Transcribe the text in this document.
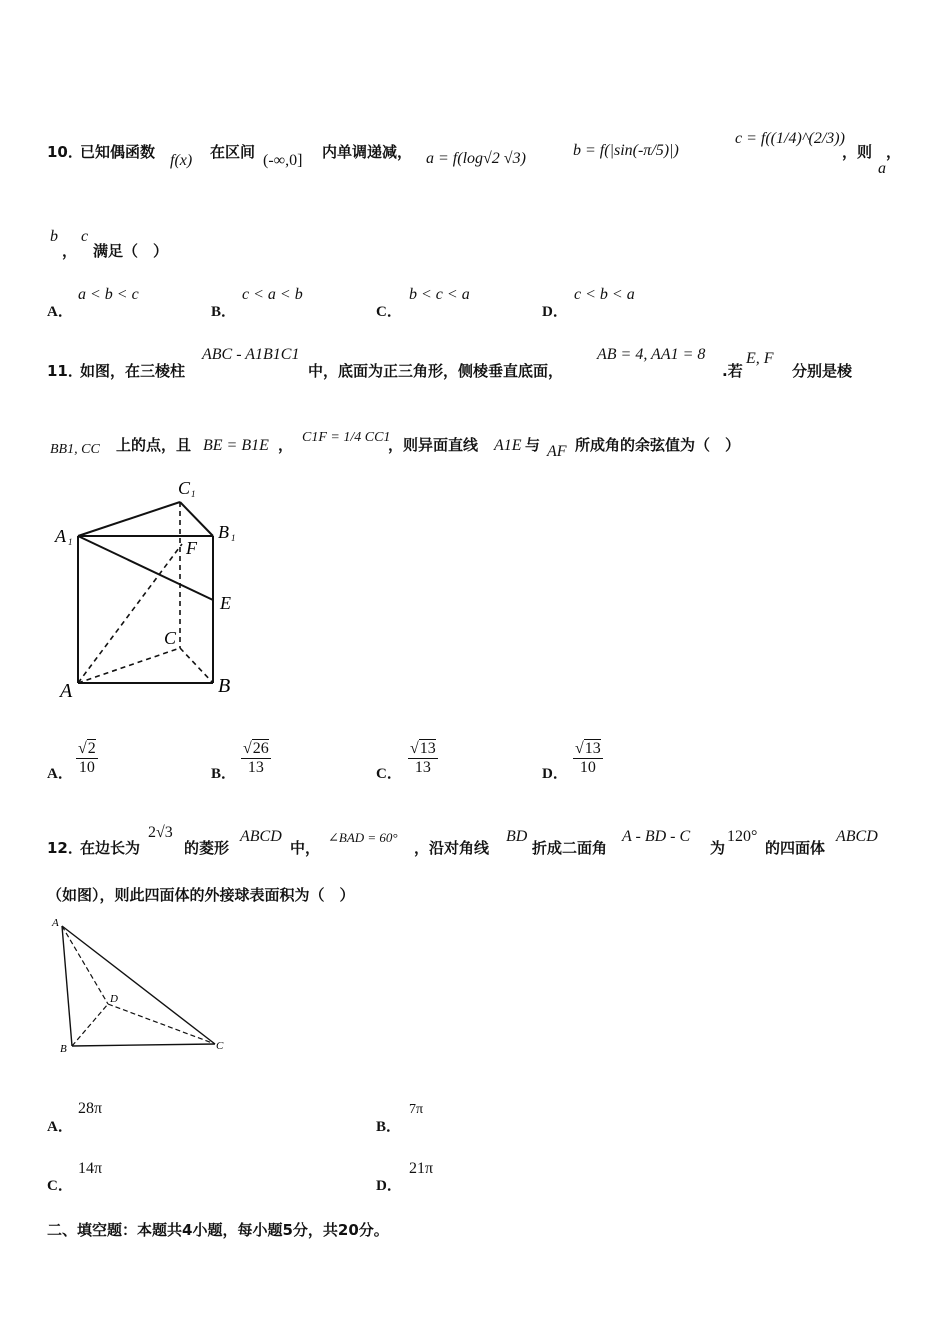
10．
已知偶函数 f(x) 在区间 (-∞,0] 内单调递减， a = f(log√2 √3)	b = f(|sin(-π/5)|)
c = f((1/4)^(2/3))
，则
a
，
b
，
c
满足（　）
A．
a < b < c
B．
c < a < b
C．
b < c < a
D．
c < b < a
11．
如图，在三棱柱
ABC - A1B1C1
中，底面为正三角形，侧棱垂直底面，
AB = 4, AA1 = 8
.若
E, F
分别是棱
BB1, CC 上的点，且 BE = B1E ， C1F = 1/4 CC1
，则异面直线 A1E 与 AF 所成角的余弦值为（　）
C 1
A 1	B 1
F
E
C
A	B
A． $\frac{√2}{10}$	B． $\frac{√26}{13}$	C． $\frac{√13}{13}$	D． $\frac{√13}{10}$
12．
在边长为
2√3
的菱形
ABCD
中，
∠BAD = 60°
，沿对角线
BD
折成二面角
A - BD - C
为
120°
的四面体
ABCD
（如图），则此四面体的外接球表面积为（　）
A
D
B	C
A．
28π
B．
7π
C．
14π
D．
21π
二、填空题：本题共4小题，每小题5分，共20分。
